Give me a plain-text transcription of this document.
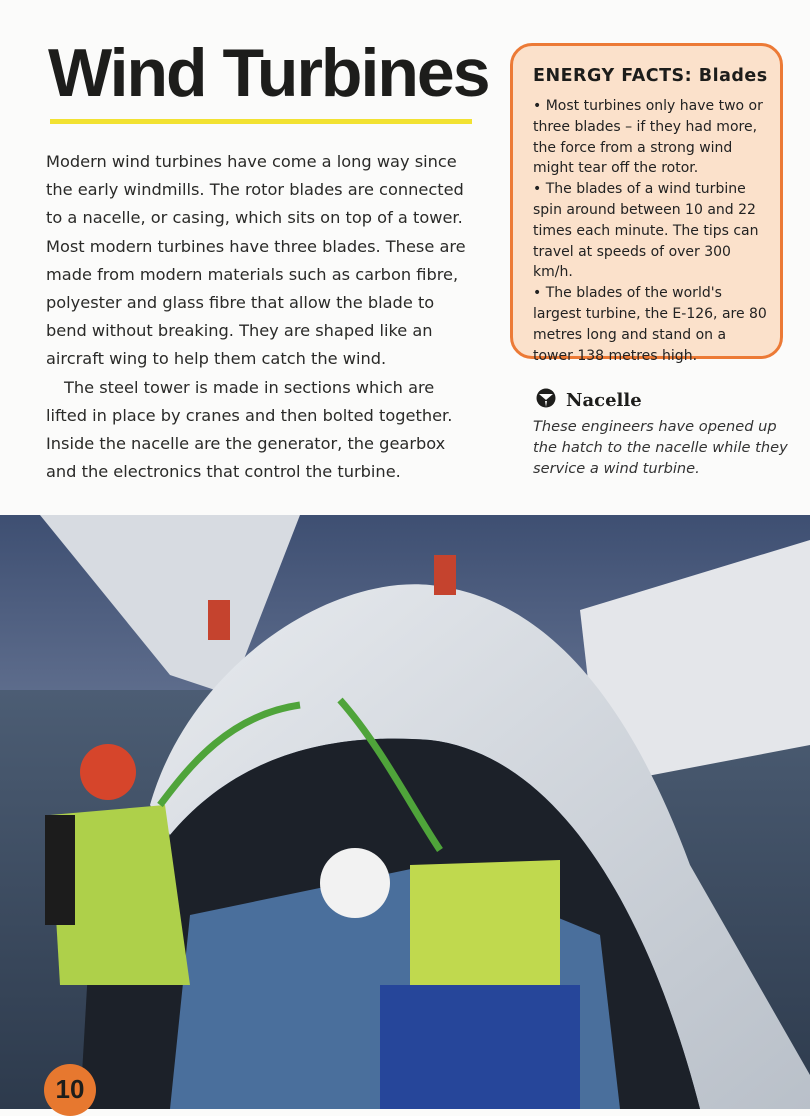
Wind Turbines

Modern wind turbines have come a long way since the early windmills. The rotor blades are connected to a nacelle, or casing, which sits on top of a tower. Most modern turbines have three blades. These are made from modern materials such as carbon fibre, polyester and glass fibre that allow the blade to bend without breaking. They are shaped like an aircraft wing to help them catch the wind.

The steel tower is made in sections which are lifted in place by cranes and then bolted together. Inside the nacelle are the generator, the gearbox and the electronics that control the turbine.

ENERGY FACTS: Blades

• Most turbines only have two or three blades – if they had more, the force from a strong wind might tear off the rotor.

• The blades of a wind turbine spin around between 10 and 22 times each minute. The tips can travel at speeds of over 300 km/h.

• The blades of the world's largest turbine, the E-126, are 80 metres long and stand on a tower 138 metres high.

Nacelle
These engineers have opened up the hatch to the nacelle while they service a wind turbine.
10
